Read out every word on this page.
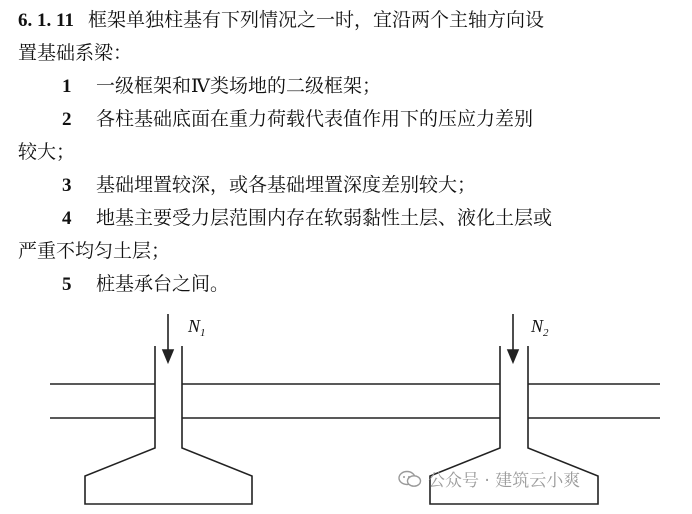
6. 1. 11 框架单独柱基有下列情况之一时，宜沿两个主轴方向设
置基础系梁：
1 一级框架和Ⅳ类场地的二级框架；
2 各柱基础底面在重力荷载代表值作用下的压应力差别
较大；
3 基础埋置较深，或各基础埋置深度差别较大；
4 地基主要受力层范围内存在软弱黏性土层、液化土层或
严重不均匀土层；
5 桩基承台之间。
$N_1$	$N_2$
公众号 · 建筑云小爽
